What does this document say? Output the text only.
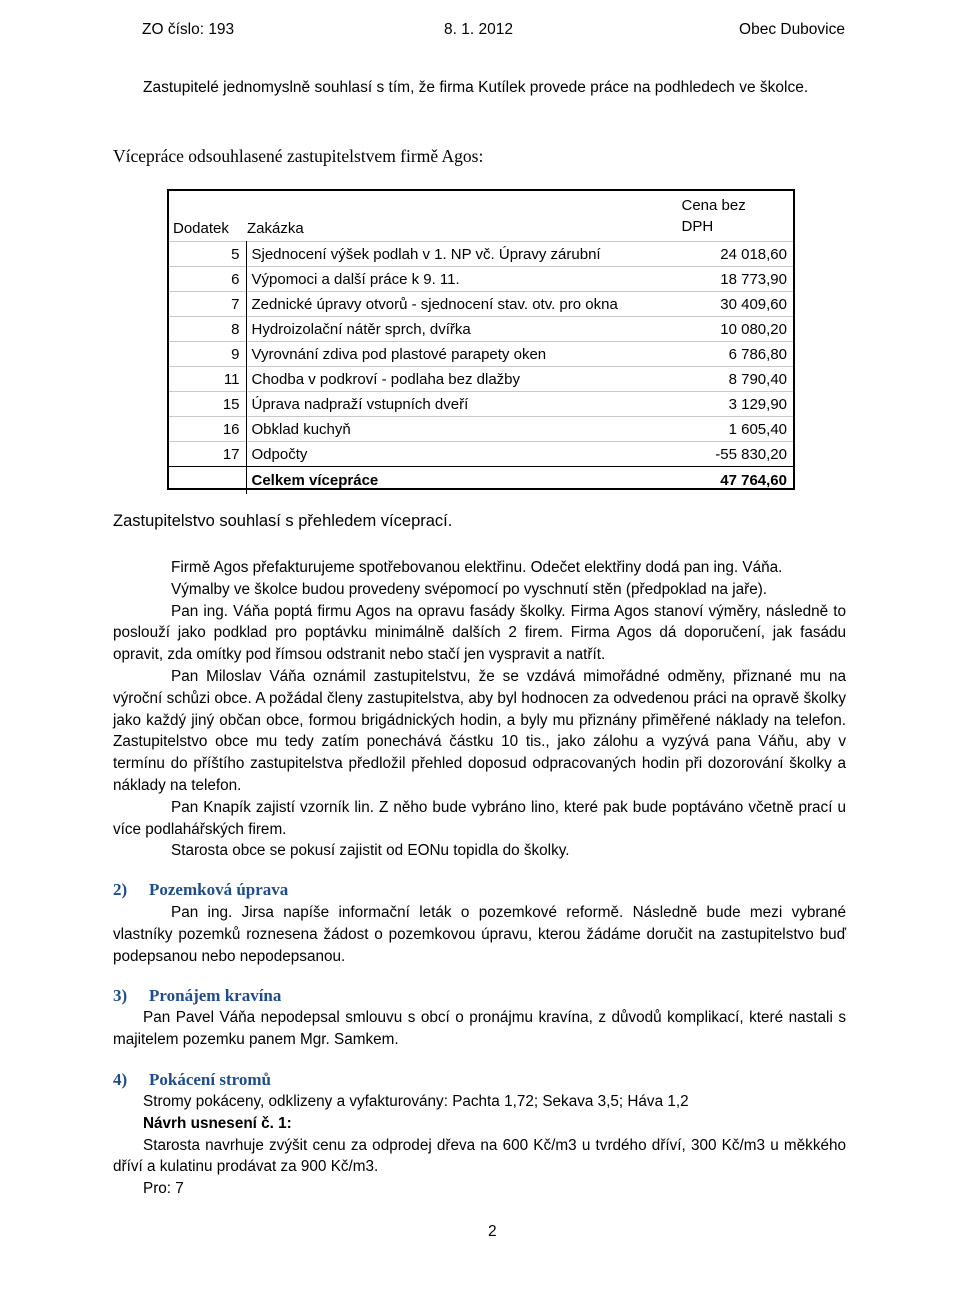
ZO číslo: 193	8. 1. 2012	Obec Dubovice
Zastupitelé jednomyslně souhlasí s tím, že firma Kutílek provede práce na podhledech ve školce.
Vícepráce odsouhlasené zastupitelstvem firmě Agos:
Dodatek	Zakázka	Cena bez
DPH
5	Sjednocení výšek podlah v 1. NP vč. Úpravy zárubní	24 018,60
6	Výpomoci a další práce k 9. 11.	18 773,90
7	Zednické úpravy otvorů - sjednocení stav. otv. pro okna	30 409,60
8	Hydroizolační nátěr sprch, dvířka	10 080,20
9	Vyrovnání zdiva pod plastové parapety oken	6 786,80
11	Chodba v podkroví - podlaha bez dlažby	8 790,40
15	Úprava nadpraží vstupních dveří	3 129,90
16	Obklad kuchyň	1 605,40
17	Odpočty	-55 830,20
	Celkem vícepráce	47 764,60
Zastupitelstvo souhlasí s přehledem víceprací.

Firmě Agos přefakturujeme spotřebovanou elektřinu. Odečet elektřiny dodá pan ing. Váňa.

Výmalby ve školce budou provedeny svépomocí po vyschnutí stěn (předpoklad na jaře).

Pan ing. Váňa poptá firmu Agos na opravu fasády školky. Firma Agos stanoví výměry, následně to poslouží jako podklad pro poptávku minimálně dalších 2 firem. Firma Agos dá doporučení, jak fasádu opravit, zda omítky pod římsou odstranit nebo stačí jen vyspravit a natřít.

Pan Miloslav Váňa oznámil zastupitelstvu, že se vzdává mimořádné odměny, přiznané mu na výroční schůzi obce. A požádal členy zastupitelstva, aby byl hodnocen za odvedenou práci na opravě školky jako každý jiný občan obce, formou brigádnických hodin, a byly mu přiznány přiměřené náklady na telefon. Zastupitelstvo obce mu tedy zatím ponechává částku 10 tis., jako zálohu a vyzývá pana Váňu, aby v termínu do příštího zastupitelstva předložil přehled doposud odpracovaných hodin při dozorování školky a náklady na telefon.

Pan Knapík zajistí vzorník lin. Z něho bude vybráno lino, které pak bude poptáváno včetně prací u více podlahářských firem.

Starosta obce se pokusí zajistit od EONu topidla do školky.

2) Pozemková úprava

Pan ing. Jirsa napíše informační leták o pozemkové reformě. Následně bude mezi vybrané vlastníky pozemků roznesena žádost o pozemkovou úpravu, kterou žádáme doručit na zastupitelstvo buď podepsanou nebo nepodepsanou.

3) Pronájem kravína

Pan Pavel Váňa nepodepsal smlouvu s obcí o pronájmu kravína, z důvodů komplikací, které nastali s majitelem pozemku panem Mgr. Samkem.

4) Pokácení stromů

Stromy pokáceny, odklizeny a vyfakturovány: Pachta 1,72; Sekava 3,5; Háva 1,2

Návrh usnesení č. 1:

Starosta navrhuje zvýšit cenu za odprodej dřeva na 600 Kč/m3 u tvrdého dříví, 300 Kč/m3 u měkkého dříví a kulatinu prodávat za 900 Kč/m3.

Pro: 7

2
